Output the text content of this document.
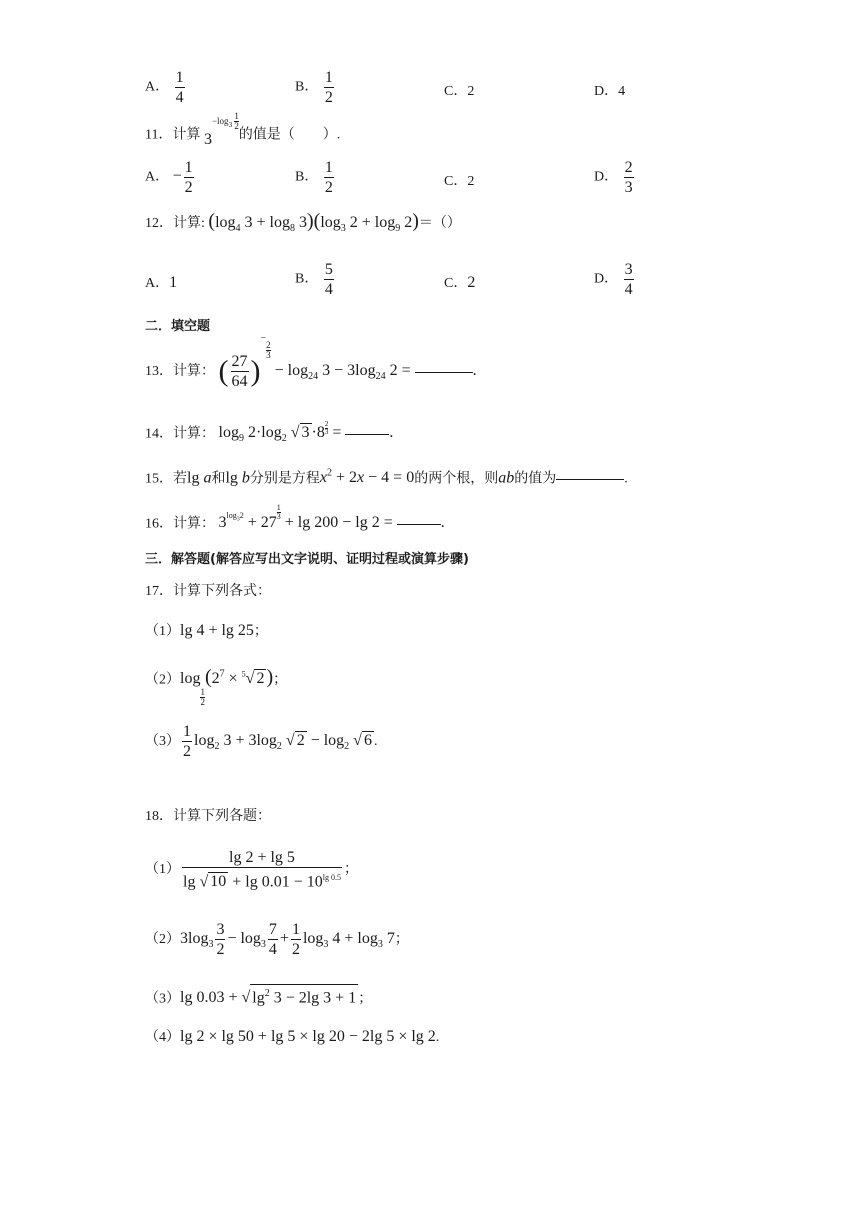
A． $\frac{1}{4}$	B． $\frac{1}{2}$	C．2	D．4
11．计算 $3^{-log_3 \frac{1}{2}}$
的值是（　　）.
A． − $\frac{1}{2}$	B． $\frac{1}{2}$	C．2	D． $\frac{2}{3}$
12．计算: ($\log_4$ $3 + \log_8 3)(\log_3$ $2 + \log_9 2)=()$
A．1	B． $\frac{5}{4}$	C．2	D． $\frac{3}{4}$
二．填空题
13．计算： ( $\frac{27}{64} )^{- \frac{2}{3}}$
− $\log_{24} 3 - 3\log_{24}$ 2 =	.
14．计算： $\log_9 2\cdot\log_2$ √ 3 ·8 $^{\frac{2}{3}}$ =	.
15．若lg a和lg b分别是方程$x^2 + 2x - 4 = 0$的两个根，则ab的值为	.
16．计算： $3^{log_32} + 27$
$^{\frac{1}{3}}$
+ lg 200 − lg 2 =	.
三．解答题(解答应写出文字说明、证明过程或演算步骤)
17．计算下列各式：
（1）lg 4 + lg 25；
（2）log
$_{\frac{1}{2}}$
($2^7 \times ^5√$ 2 )；
$(3) \frac{1}{2} \log_2 3 + 3\log_2$ √ $2 - \log_2$ √ 6 .
18．计算下列各题：
$(1) \frac{\lg 2 + \lg 5}{\lg √ 10 + \lg 0.01 - 10^{lg 0.5}}$ ；
$(2)3\log_3 \frac{3}{2} - \log_3 \frac{7}{4} + \frac{1}{2} \log_3 4 + \log_3 7$；
（3）lg 0.03 + √ $\lg^2 3 - 2\lg$ 3 + 1 ；
（4）lg 2 × lg 50 + lg 5 × lg 20 − 2lg 5 × lg 2.
